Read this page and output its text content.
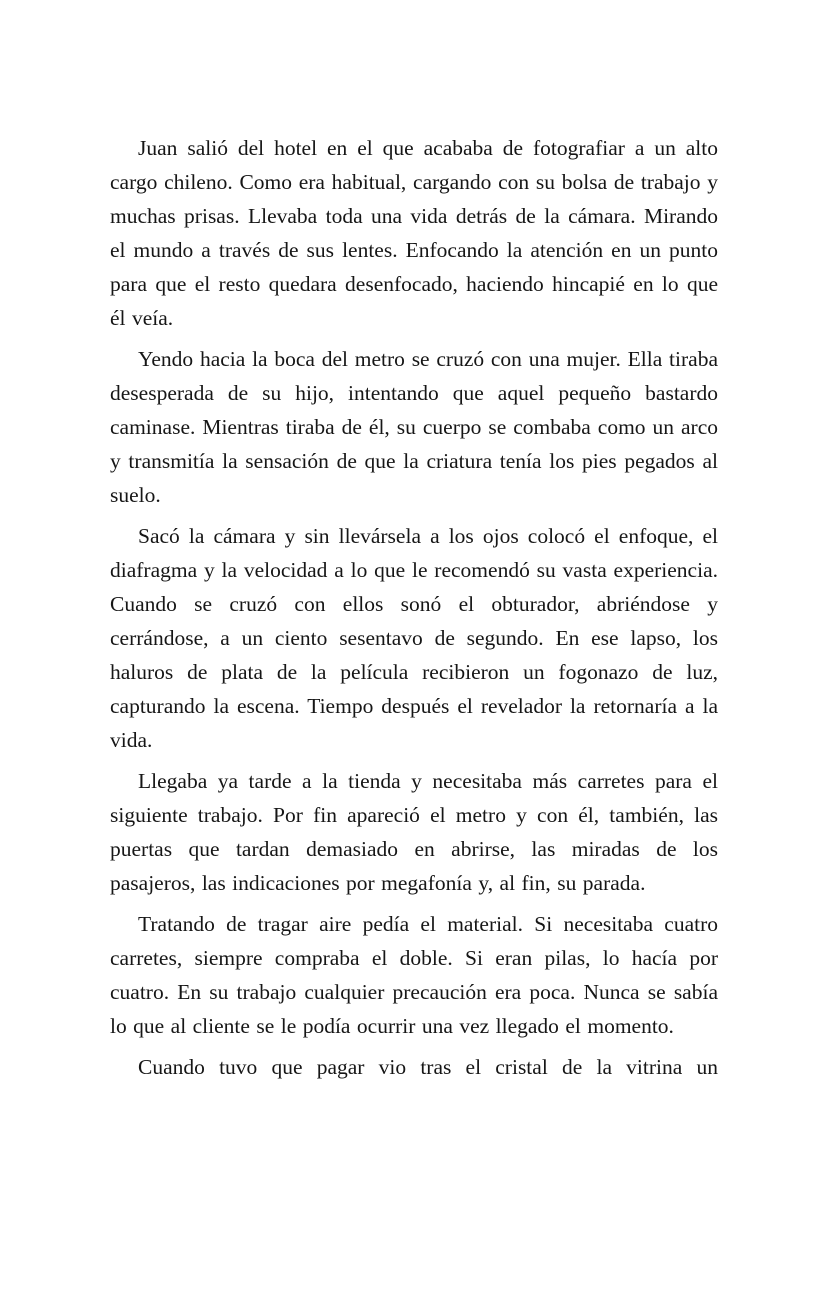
Juan salió del hotel en el que acababa de fotografiar a un alto cargo chileno. Como era habitual, cargando con su bolsa de trabajo y muchas prisas. Llevaba toda una vida detrás de la cámara. Mirando el mundo a través de sus lentes. Enfocando la atención en un punto para que el resto quedara desenfocado, haciendo hincapié en lo que él veía.

Yendo hacia la boca del metro se cruzó con una mujer. Ella tiraba desesperada de su hijo, intentando que aquel pequeño bastardo caminase. Mientras tiraba de él, su cuerpo se combaba como un arco y transmitía la sensación de que la criatura tenía los pies pegados al suelo.

Sacó la cámara y sin llevársela a los ojos colocó el enfoque, el diafragma y la velocidad a lo que le recomendó su vasta experiencia. Cuando se cruzó con ellos sonó el obturador, abriéndose y cerrándose, a un ciento sesentavo de segundo. En ese lapso, los haluros de plata de la película recibieron un fogonazo de luz, capturando la escena. Tiempo después el revelador la retornaría a la vida.

Llegaba ya tarde a la tienda y necesitaba más carretes para el siguiente trabajo. Por fin apareció el metro y con él, también, las puertas que tardan demasiado en abrirse, las miradas de los pasajeros, las indicaciones por megafonía y, al fin, su parada.

Tratando de tragar aire pedía el material. Si necesitaba cuatro carretes, siempre compraba el doble. Si eran pilas, lo hacía por cuatro. En su trabajo cualquier precaución era poca. Nunca se sabía lo que al cliente se le podía ocurrir una vez llegado el momento.

Cuando tuvo que pagar vio tras el cristal de la vitrina un
